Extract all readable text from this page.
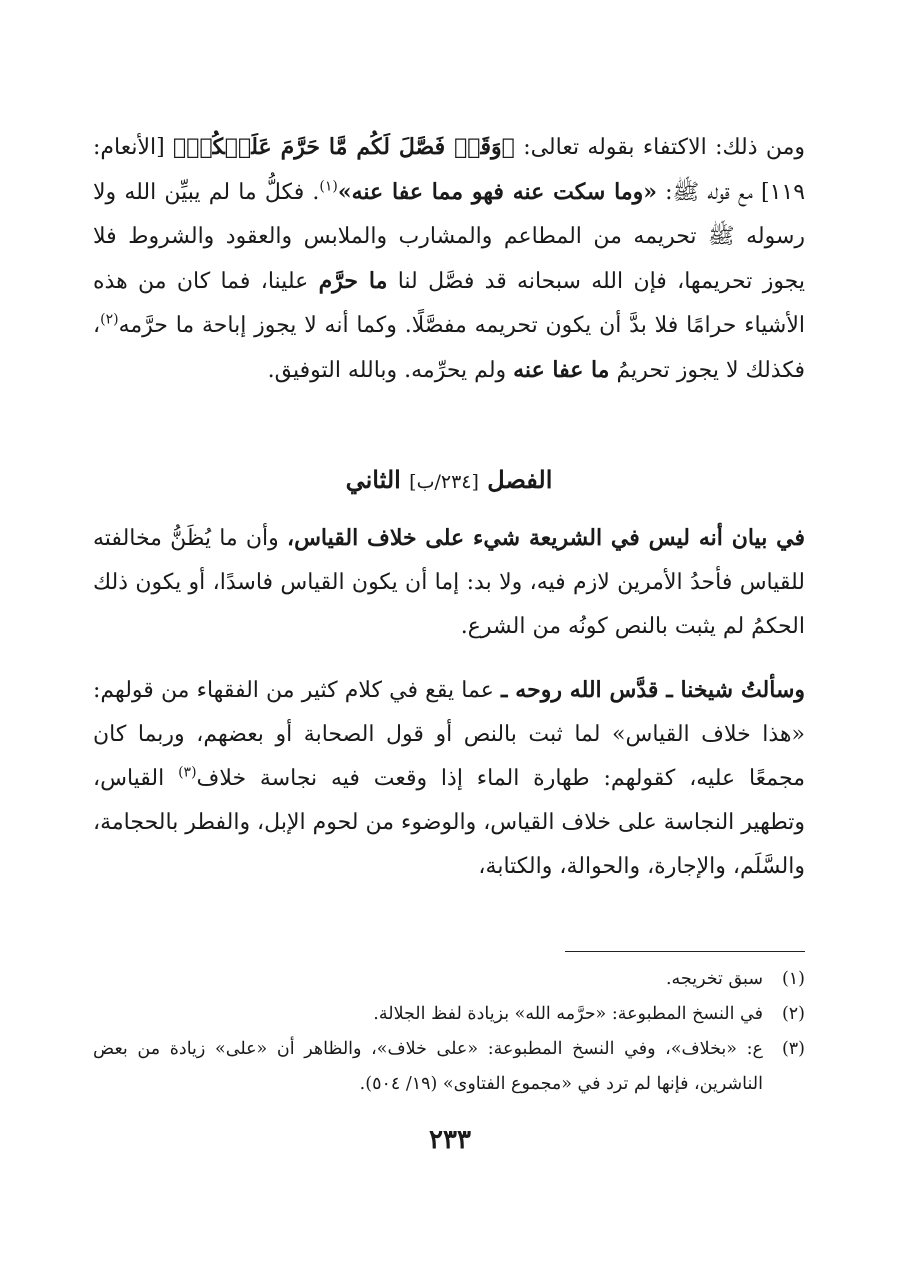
ومن ذلك: الاكتفاء بقوله تعالى: ﴿وَقَدۡ فَصَّلَ لَكُم مَّا حَرَّمَ عَلَيۡكُمۡ﴾ [الأنعام: ١١٩] مع قوله ﷺ: «وما سكت عنه فهو مما عفا عنه»$^{(١)}$. فكلُّ ما لم يبيِّن الله ولا رسوله ﷺ تحريمه من المطاعم والمشارب والملابس والعقود والشروط فلا يجوز تحريمها، فإن الله سبحانه قد فصَّل لنا ما حرَّم علينا، فما كان من هذه الأشياء حرامًا فلا بدَّ أن يكون تحريمه مفصَّلًا. وكما أنه لا يجوز إباحة ما حرَّمه$^{(٢)}$، فكذلك لا يجوز تحريمُ ما عفا عنه ولم يحرِّمه. وبالله التوفيق.

الفصل [٢٣٤/ب] الثاني

في بيان أنه ليس في الشريعة شيء على خلاف القياس، وأن ما يُظَنُّ مخالفته للقياس فأحدُ الأمرين لازم فيه، ولا بد: إما أن يكون القياس فاسدًا، أو يكون ذلك الحكمُ لم يثبت بالنص كونُه من الشرع.

وسألتُ شيخنا ـ قدَّس الله روحه ـ عما يقع في كلام كثير من الفقهاء من قولهم: «هذا خلاف القياس» لما ثبت بالنص أو قول الصحابة أو بعضهم، وربما كان مجمعًا عليه، كقولهم: طهارة الماء إذا وقعت فيه نجاسة خلاف$^{(٣)}$ القياس، وتطهير النجاسة على خلاف القياس، والوضوء من لحوم الإبل، والفطر بالحجامة، والسَّلَم، والإجارة، والحوالة، والكتابة،

(١)
سبق تخريجه.
(٢)
في النسخ المطبوعة: «حرَّمه الله» بزيادة لفظ الجلالة.
(٣)
ع: «بخلاف»، وفي النسخ المطبوعة: «على خلاف»، والظاهر أن «على» زيادة من بعض الناشرين، فإنها لم ترد في «مجموع الفتاوى» (١٩/ ٥٠٤).
٢٣٣
